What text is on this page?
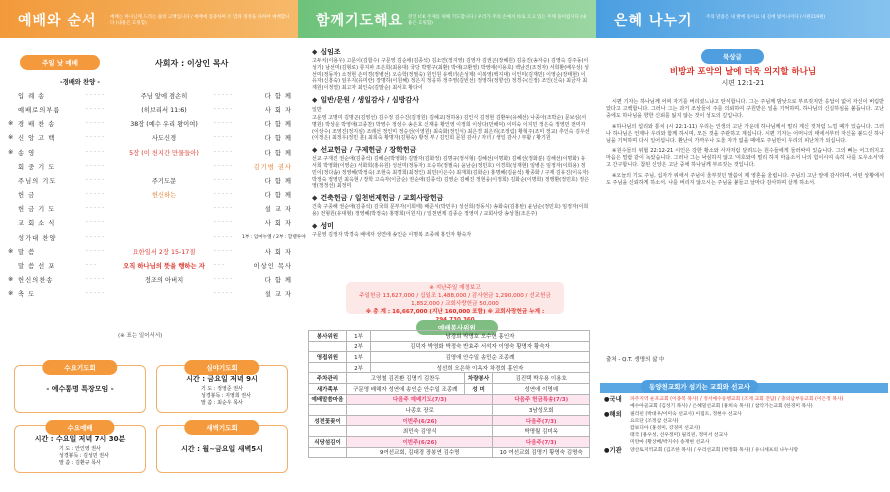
예배와 순서	예배는 하나님께 드리는 삶의 고백입니다 / 예배에 집중하며 온 맘과 정성을 다하여 예배합니다 (내용은 흐릿함)
주일 낮 예배	사회자 : 이상인 목사
-경배와 찬양 -
입 례 송	· · · · ·	주님 앞에 겸손히	· · · · ·	다 함 께
예배로의부름	· · · · ·	(히브리서 11:6)	· · · · ·	사 회 자
※ 경 배 찬 송	· · · · ·	38장 (예수 우리 왕이여)	· · · · ·	다 함 께
※ 신 앙 고 백	· · · · ·	사도신경	· · · · ·	다 함 께
※ 송 영	· · · · ·	5장 (이 천지간 만물들아)	· · · · ·	다 함 께
회 중 기 도	· · · · ·	· · · · ·	김기범 권사
주님의 기도	· · · · ·	주기도문	· · · · ·	다 함 께
헌 금	· · · · ·	헌신하는	· · · · ·	다 함 께
헌 금 기 도	· · · · ·	· · · · ·	설 교 자
교 회 소 식	· · · · ·	· · · · ·	사 회 자
성가대 찬양	· · · · ·	· · · · ·	1부 : 임마누엘 / 2부 : 할렐루야
※ 말 씀	· · · · ·	요한일서 2장 15-17절	· · · · ·	사 회 자
말 씀 선 포	· · ·	오직 하나님의 뜻을 행하는 자	· · ·	이상인 목사
※ 헌신의찬송	· · · · ·	정조의 아버지	· · · · ·	다 함 께
※ 축 도	· · · · ·	· · · · ·	설 교 자
(※ 표는 일어서서)
수요기도회
- 예수통명 특장모임 -
심야기도회
시간 : 금요일 저녁 9시
기 도 : 정영준 권사
성경봉독 : 지영희 권사
말 씀 : 최순우 목사
수요예배
시간 : 수요일 저녁 7시 30분
기 도 : 안인영 권사
성경봉독 : 김성민 권사
말 씀 : 김환규 목사
새벽기도회
시간 : 월~금요일 새벽5시
함께기도해요 전인 ICK 주제를 위해 기도합니다 / 우리가 주의 손에서 바로 오고 있는 주께 돌이킵시다 (내용은 흐릿함)
◆ 심임조
고두치(이용우) 고문이(김합수) 구문영 김순애(김종석) 김소연(정지영) 김영자 김권곤(장혜원) 김응진(송자승) 김영숙 김주동(이성기) 남선미(김형로) 류지파 조은희(최용대) 국당 박명구(최환) 박애(고환영) 박영애(이용호) 백남진(조정자) 서희환(배우성) 성선미(정동자) 소정현 손미경(정병선) 오승학(정필숙) 원인원 유백녀(손성제) 이복영(백지대) 이인미(김재민) 이영순(장태현) 이유자(신흥숙) 임우지(유미란) 장명하(이원혜) 정은지 정응하 정주영(김빈선) 정영하(정향선) 정경수(신정) 조인(신숙) 최금자 최재원(이정열) 최고자 최인숙(김말순) 최서호 황다이
◆ 일반/문원 / 생일감사 / 심방감사
일반
고운영 고명미 김명곤(김영선) 김수정 김수진(김정원) 김혜교(정하용) 김인식 김정현 김환두(유혜선) 나종아(조박순) 문보심(서명원) 박상운 박영애(고종찬) 박영수 정성수 송은호 신재웅 황인영 이정희 이상다(민해덕) 이미숙 이지민 정은숙 정영민 전미자(이상수) 조영진(정지심) 조래선 정인미 정승선(이영원) 최숙화(정인식) 최은경 최은리(조정림) 황혁주(조미 정교) 추인숙 김우선(이정은) 최정우(정민 훈) 최희숙 황명자(김형숙) 황정 부 / 김인희 문원 감사 / 자녀 / 생일 감사 / 부활 / 황기원
◆ 선교헌금 / 구제헌금 / 장학헌금
선교 구재진 권순애(김종석) 김혜순(박영화) 김말자(김화정) 김명규(정서형) 김혜선(이명화) 김혜선(정화분) 김해선(이명화) 유서희 박영화(이영순) 서화희(홍유원) 성선미(정동자) 오승하(정필숙) 윤남순(정민호) 이경희(성재현) 임병은 임정자(이희용) 정민이(정다솜) 정영혜(박정숙) 조현숙 최경희(최정인) 최민(이은수) 최재희(김화순) 홍명혜(김윤석) 황종화 / 구제 김유진(이옥자) 박정숙 정영민 최옥현 / 장학 고숙자(이금순) 권순애(김종석) 김영순 김혜진 정현웅(이정희) 김화순(이명희) 정맹환(정민호) 정은영(정정선) 최정미
◆ 건축헌금 / 일천번제헌금 / 교회사랑헌금
건축 구종해 권순애(김종석) 김국희 문부자(이희태) 배준식(박민우) 성선희(정동식) 송화숙(김홍탄) 윤남순(정민호) 임정자(이희용) 전형원(유대형) 정영혜(박정숙) 홍명희(이원지) / 일천번제 김종순 정영미 / 교회사랑 송상철(조은주)
◆ 성미
구문영 김정자 박경숙 배애자 성연애 송인순 이명복 조종례 홍인자 황숙자
※ 지난주일 재정보고
주일헌금 13,627,000 / 십일조 1,488,000 / 감사헌금 1,290,000 / 선교헌금 1,852,000 / 교회사랑헌금 50,000
※ 총 계 : 16,667,000 (지난 160,000 포함) ※ 교회사랑헌금 누계 :
예배봉사위원
봉사위원	1부	남경희 박명호 오수현 홍인자		
	2부	김덕자 박영화 박정숙 반효주 서석자 이영숙 황명자 황숙자		
영접위원	1부	김영애 안수일 송민순 조종례		
	2부	성선희 오은하 이옥자 차경희 홍인자		
주차관리	고영철 김진환 김명기 김찬두		차량봉사	김진택 박우용 이용호
새가족부	구문영 배해자 성연애 송인순 안수일 조종례		성 미	성연애 이명예
예배말씀마음	다음주 예배기도(7/3)			다음주 헌금특송(7/3)
	나종호 장로			3남성모회
성전꽃꽂이	이번주(6/26)			다음주(7/3)
	최민숙 김영식			박명월 김미옥
식당섬김이	이번주(6/26)			다음주(7/3)
	9여선교회, 김대경 장봉연 김수명			10 여선교회 김명기 황명숙 김명숙
은혜 나누기	주의 말씀은 내 발에 등이요 내 길에 빛이니이다 (시편119편)
묵상글
비방과 포악의 날에 더욱 의지할 하나님
시편 12:1-21

시편 기자는 하나님께 어찌 자기를 버리셨느냐고 탄식합니다. 그는 주님께 밤낮으로 부르짖지만 응답이 없어 자신이 버림받았다고 고백합니다. 그러나 그는 과거 조상들이 주를 의뢰하여 구원받은 일을 기억하며, 하나님의 신실하심을 붙듭니다. 고난 중에도 하나님을 향한 신뢰를 잃지 않는 것이 성도의 길입니다.

※하나님의 섭리와 통치 (시 22:1-11) 우리는 인생의 고난 가운데 하나님께서 멀리 계신 것처럼 느낄 때가 있습니다. 그러나 하나님은 언제나 우리와 함께 하시며, 모든 것을 주관하고 계십니다. 시편 기자는 어머니의 태에서부터 자신을 붙드신 하나님을 기억하며 다시 일어섭니다. 환난이 가까우나 도울 자가 없을 때에도 주님만이 우리의 피난처가 되십니다.

※원수들의 위협 22:12-21 시인은 강한 황소와 사자처럼 달려드는 원수들에게 둘러싸여 있습니다. 그의 뼈는 어그러지고 마음은 밀랍 같이 녹았습니다. 그러나 그는 낙심하지 않고 '여호와여 멀리 하지 마옵소서 나의 힘이시여 속히 나를 도우소서'라고 간구합니다. 참된 신앙은 고난 중에 하나님께 부르짖는 것입니다.

※오늘의 기도 주님, 십자가 위에서 주님이 울부짖던 말씀이 제 영혼을 울립니다. 주님의 고난 앞에 감사하며, 어떤 상황에서도 주님을 신뢰하게 하소서. 나를 버리지 않으시는 주님을 붙들고 날마다 감사하며 살게 하소서.

출처 - Q.T. 생명의 삶 中
동양천교회가 섬기는 교회와 선교사
●국내	파주지역 운포교회 (이종복 목사) / 정서예수동행교회 (조계 교회 전담) / 충의남부동교회 (이은정 목사)
예수아골교회 (김성기 목사) / 은혜밀선교회 (홍희숙 목사) / 참악가는교회 (한경미 목사)
●해외	필리핀 (박대우/이미숙 선교사) 이집트, 정현수 선교사
요르단 (조정삼 선교사)
캄보디아 (홍성미, 강경미 선교사)
태국 (용우성, 선우정미) 필리핀, 정미서 선교사
미얀마 (황상배/박지수) 송재현 선교사
●기관	양산토지역교회 (김조한 목사) / 우리선교회 (박정화 목사) / 유니세프의 나누사랑
